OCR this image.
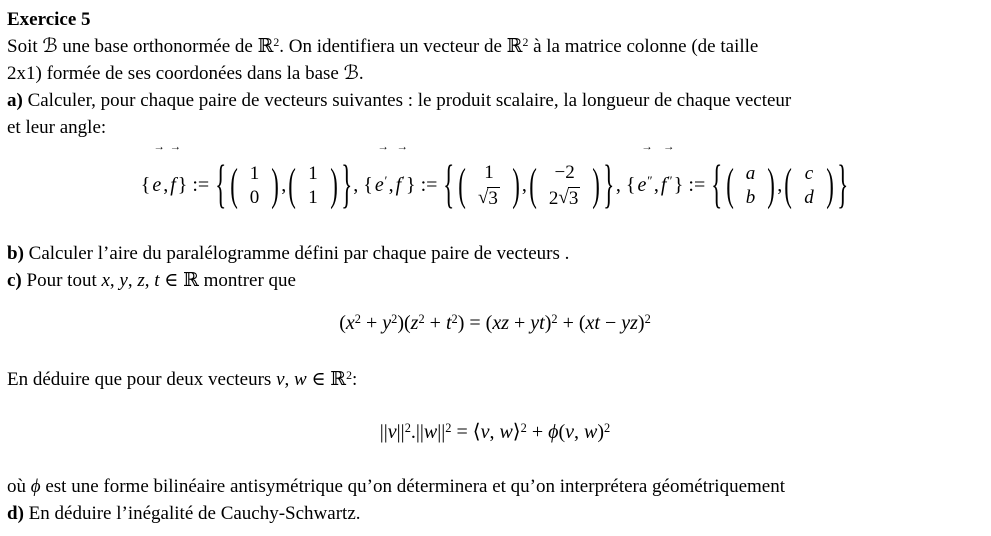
Exercice 5
Soit ℬ une base orthonormée de ℝ$^2$. On identifiera un vecteur de ℝ$^2$ à la matrice colonne (de taille
2x1) formée de ses coordonées dans la base ℬ.
a) Calculer, pour chaque paire de vecteurs suivantes : le produit scalaire, la longueur de chaque vecteur
et leur angle:
{
→
e ,
→
f } := { ( 1
0 ) , ( 1
1 ) }, {
→
e′ ,
→
f′ } := { ( 1
√3 ) , ( −2
2√3 ) }, {
→
e″ ,
→
f″ } := { ( a
b ) , ( c
d ) }
b) Calculer l’aire du paralélogramme défini par chaque paire de vecteurs .
c) Pour tout x, y, z, t ∈ ℝ montrer que
$(x^2 + y^2)(z^2 + t^2) = (xz + yt)^2 + (xt - yz)^2$
En déduire que pour deux vecteurs v, w ∈ ℝ$^2$:
$||v||^2.||w||^2$ = ⟨v, w⟩$^2$ + ϕ(v, w)$^2$
où ϕ est une forme bilinéaire antisymétrique qu’on déterminera et qu’on interprétera géométriquement
d) En déduire l’inégalité de Cauchy-Schwartz.
